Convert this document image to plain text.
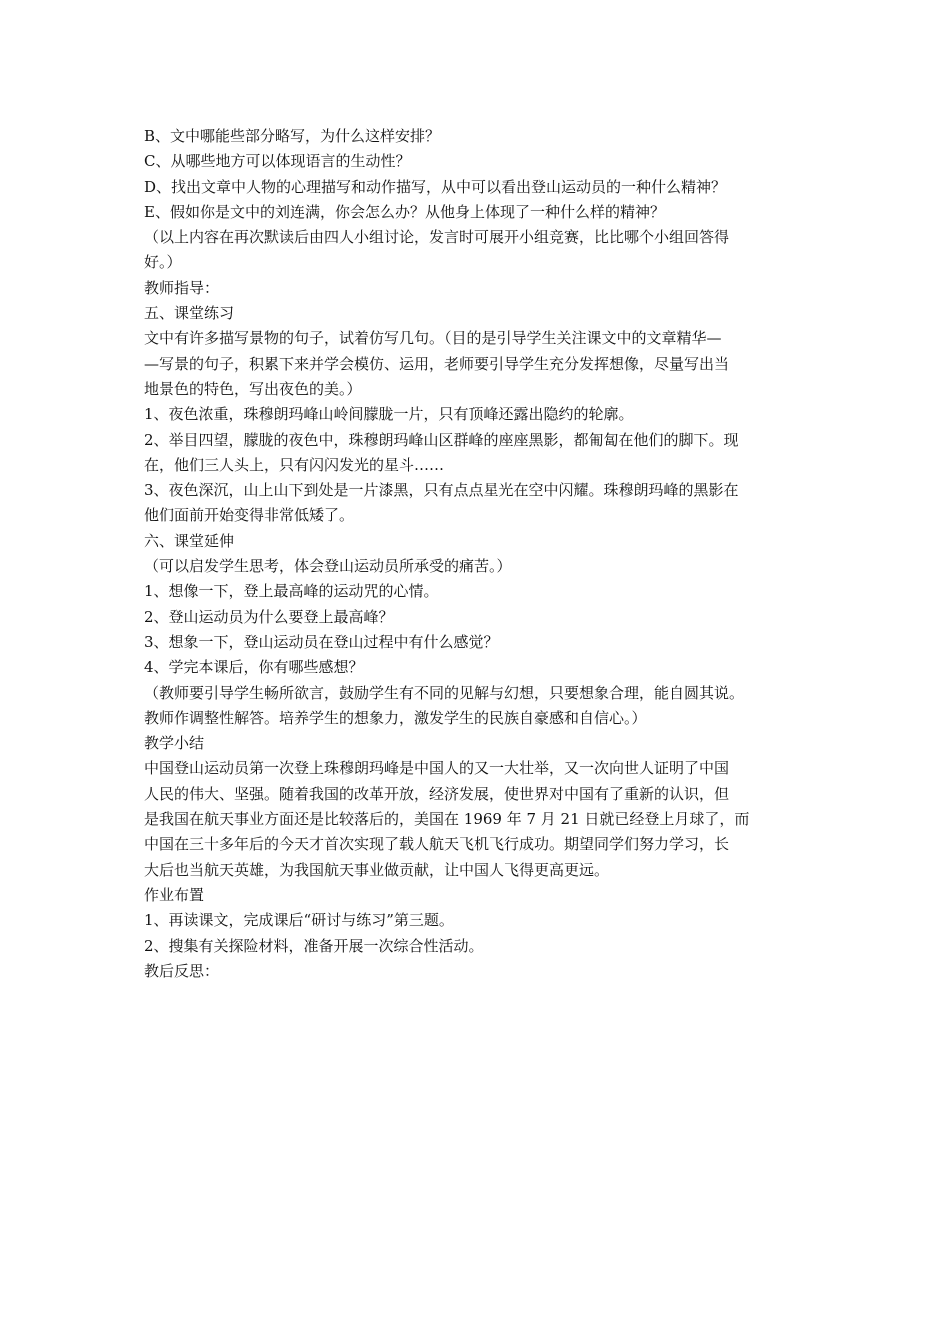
B、文中哪能些部分略写，为什么这样安排？
C、从哪些地方可以体现语言的生动性？
D、找出文章中人物的心理描写和动作描写，从中可以看出登山运动员的一种什么精神？
E、假如你是文中的刘连满，你会怎么办？从他身上体现了一种什么样的精神？
（以上内容在再次默读后由四人小组讨论，发言时可展开小组竞赛，比比哪个小组回答得
好。）
教师指导：
五、课堂练习
文中有许多描写景物的句子，试着仿写几句。（目的是引导学生关注课文中的文章精华—
—写景的句子，积累下来并学会模仿、运用，老师要引导学生充分发挥想像，尽量写出当
地景色的特色，写出夜色的美。）
1、夜色浓重，珠穆朗玛峰山岭间朦胧一片，只有顶峰还露出隐约的轮廓。
2、举目四望，朦胧的夜色中，珠穆朗玛峰山区群峰的座座黑影，都匍匐在他们的脚下。现
在，他们三人头上，只有闪闪发光的星斗……
3、夜色深沉，山上山下到处是一片漆黑，只有点点星光在空中闪耀。珠穆朗玛峰的黑影在
他们面前开始变得非常低矮了。
六、课堂延伸
（可以启发学生思考，体会登山运动员所承受的痛苦。）
1、想像一下，登上最高峰的运动咒的心情。
2、登山运动员为什么要登上最高峰？
3、想象一下，登山运动员在登山过程中有什么感觉？
4、学完本课后，你有哪些感想？
（教师要引导学生畅所欲言，鼓励学生有不同的见解与幻想，只要想象合理，能自圆其说。
教师作调整性解答。培养学生的想象力，激发学生的民族自豪感和自信心。）
教学小结
中国登山运动员第一次登上珠穆朗玛峰是中国人的又一大壮举，又一次向世人证明了中国
人民的伟大、坚强。随着我国的改革开放，经济发展，使世界对中国有了重新的认识，但
是我国在航天事业方面还是比较落后的，美国在 1969 年 7 月 21 日就已经登上月球了，而
中国在三十多年后的今天才首次实现了载人航天飞机飞行成功。期望同学们努力学习，长
大后也当航天英雄，为我国航天事业做贡献，让中国人飞得更高更远。
作业布置
1、再读课文，完成课后“研讨与练习”第三题。
2、搜集有关探险材料，准备开展一次综合性活动。
教后反思：
